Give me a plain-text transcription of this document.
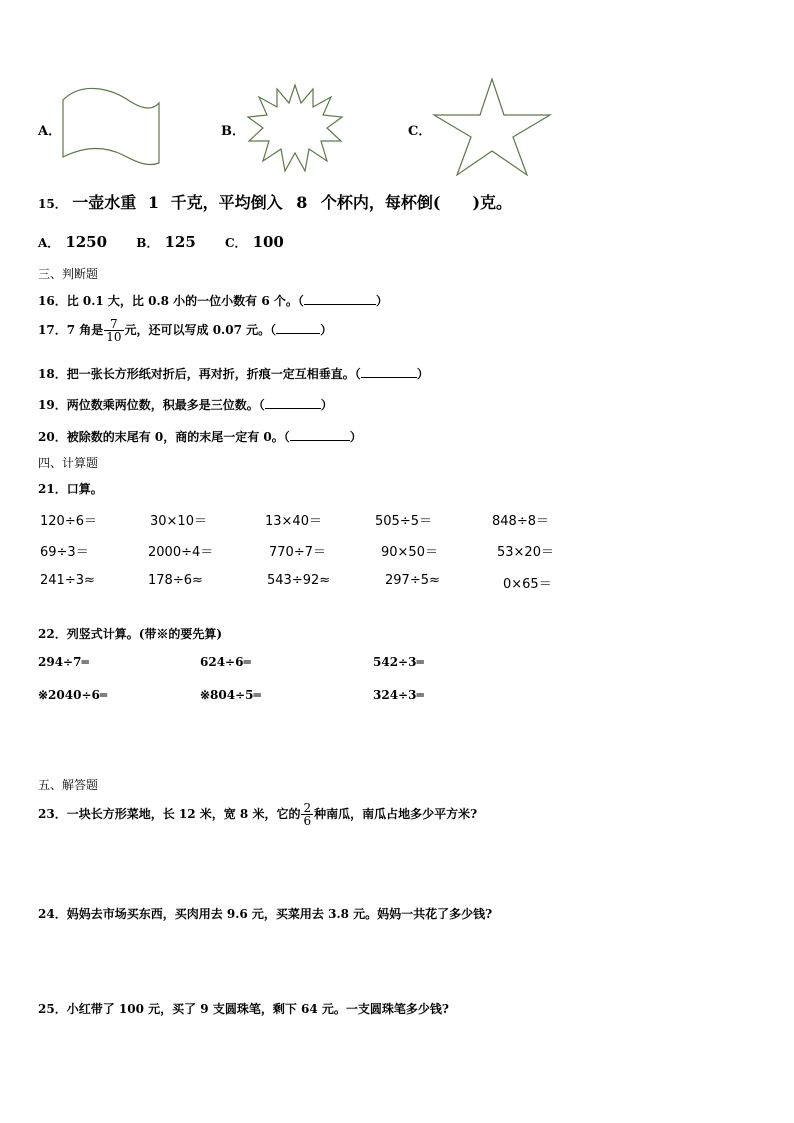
A．	B．	C．
15． 一壶水重 1 千克，平均倒入 8 个杯内，每杯倒( )克。
A． 1250 B． 125 C． 100
三、判断题
16．比 0.1 大，比 0.8 小的一位小数有 6 个。（	）
17．7 角是 $\frac{7}{10}$ 元，还可以写成 0.07 元。（	）
18．把一张长方形纸对折后，再对折，折痕一定互相垂直。（	）
19．两位数乘两位数，积最多是三位数。（	）
20．被除数的末尾有 0，商的末尾一定有 0。（	）
四、计算题
21．口算。
120÷6＝	30×10＝	13×40＝	505÷5＝	848÷8＝
69÷3＝	2000÷4＝	770÷7＝	90×50＝	53×20＝
241÷3≈	178÷6≈	543÷92≈	297÷5≈	0×65＝
22．列竖式计算。(带※的要先算)
294÷7═	624÷6═	542÷3═
※2040÷6═	※804÷5═	324÷3═
五、解答题
23．一块长方形菜地，长 12 米，宽 8 米，它的 $\frac{2}{6}$ 种南瓜，南瓜占地多少平方米?
24．妈妈去市场买东西，买肉用去 9.6 元，买菜用去 3.8 元。妈妈一共花了多少钱?
25．小红带了 100 元，买了 9 支圆珠笔，剩下 64 元。一支圆珠笔多少钱?
